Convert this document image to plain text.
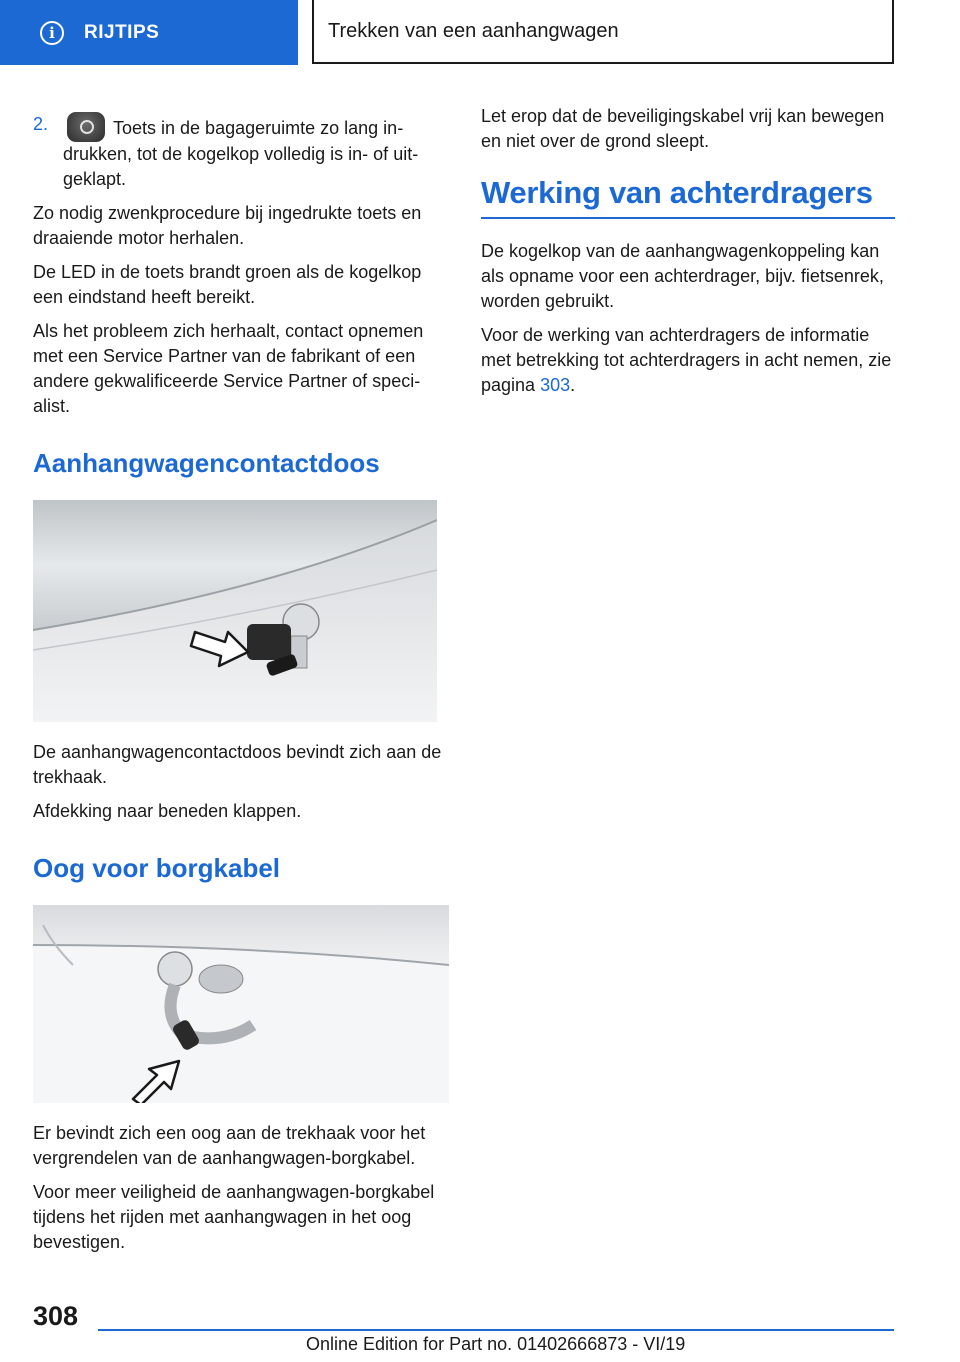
i	RIJTIPS	Trekken van een aanhangwagen
2.	Toets in de bagageruimte zo lang indrukken, tot de kogelkop volledig is in- of uitgeklapt.

Zo nodig zwenkprocedure bij ingedrukte toets en draaiende motor herhalen.

De LED in de toets brandt groen als de kogelkop een eindstand heeft bereikt.

Als het probleem zich herhaalt, contact opnemen met een Service Partner van de fabrikant of een andere gekwalificeerde Service Partner of specialist.

Aanhangwagencontactdoos

De aanhangwagencontactdoos bevindt zich aan de trekhaak.

Afdekking naar beneden klappen.

Oog voor borgkabel

Er bevindt zich een oog aan de trekhaak voor het vergrendelen van de aanhangwagen-borgkabel.

Voor meer veiligheid de aanhangwagen-borgkabel tijdens het rijden met aanhangwagen in het oog bevestigen.

Let erop dat de beveiligingskabel vrij kan bewegen en niet over de grond sleept.

Werking van achterdragers

De kogelkop van de aanhangwagenkoppeling kan als opname voor een achterdrager, bijv. fietsenrek, worden gebruikt.

Voor de werking van achterdragers de informatie met betrekking tot achterdragers in acht nemen, zie pagina 303.

308
Online Edition for Part no. 01402666873 - VI/19
